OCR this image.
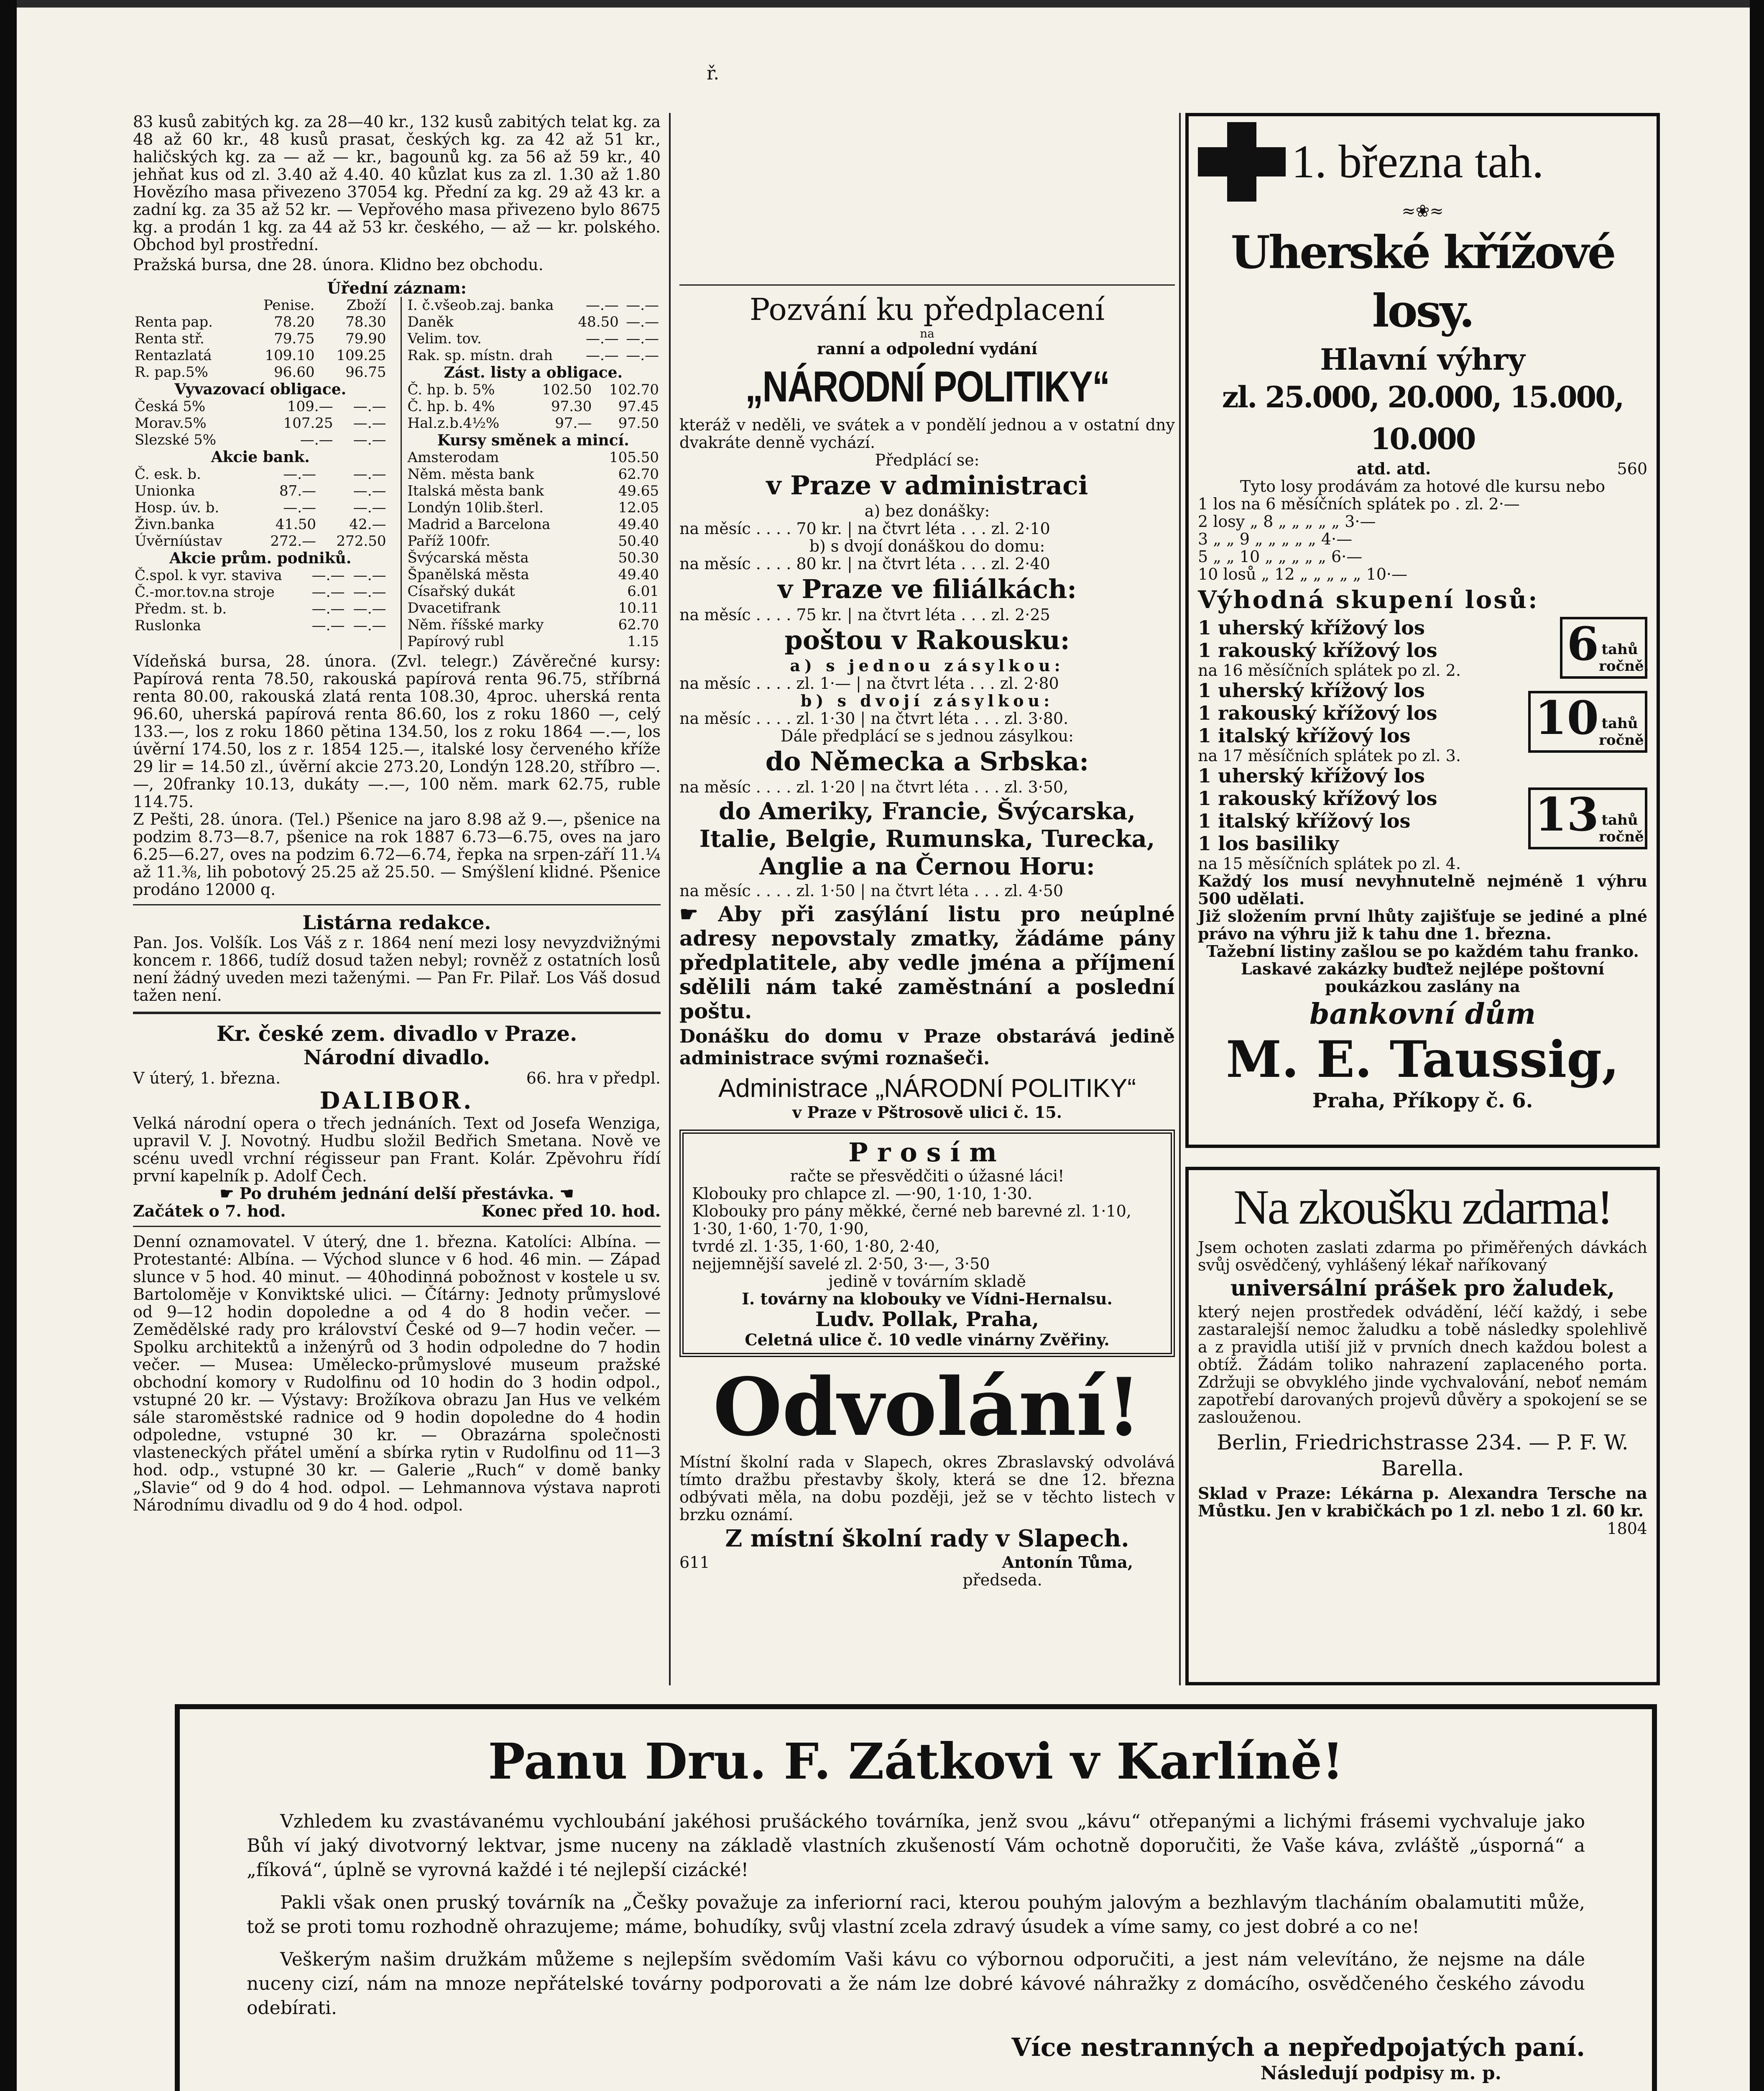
ř.

83 kusů zabitých kg. za 28—40 kr., 132 kusů zabitých telat kg. za 48 až 60 kr., 48 kusů prasat, českých kg. za 42 až 51 kr., haličských kg. za — až — kr., bagounů kg. za 56 až 59 kr., 40 jehňat kus od zl. 3.40 až 4.40. 40 kůzlat kus za zl. 1.30 až 1.80 Hovězího masa přivezeno 37054 kg. Přední za kg. 29 až 43 kr. a zadní kg. za 35 až 52 kr. — Vepřového masa přivezeno bylo 8675 kg. a prodán 1 kg. za 44 až 53 kr. českého, — až — kr. polského. Obchod byl prostřední.

Pražská bursa, dne 28. února. Klidno bez obchodu.

Úřední záznam:

	Penise.	Zboží
Renta pap.	78.20	78.30
Renta stř.	79.75	79.90
Rentazlatá	109.10	109.25
R. pap.5%	96.60	96.75
Vyvazovací obligace.
Česká 5%	109.—	—.—
Morav.5%	107.25	—.—
Slezské 5%	—.—	—.—
Akcie bank.
Č. esk. b.	—.—	—.—
Unionka	87.—	—.—
Hosp. úv. b.	—.—	—.—
Živn.banka	41.50	42.—
Úvěrníústav	272.—	272.50
Akcie prům. podniků.
Č.spol. k vyr. staviva	—.—	—.—
Č.-mor.tov.na stroje	—.—	—.—
Předm. st. b.	—.—	—.—
Ruslonka	—.—	—.—
I. č.všeob.zaj. banka	—.—	—.—
Daněk	48.50	—.—
Velim. tov.	—.—	—.—
Rak. sp. místn. drah	—.—	—.—
Zást. listy a obligace.
Č. hp. b. 5%	102.50	102.70
Č. hp. b. 4%	97.30	97.45
Hal.z.b.4½%	97.—	97.50
Kursy směnek a mincí.
Amsterodam	105.50
Něm. města bank	62.70
Italská města bank	49.65
Londýn 10lib.šterl.	12.05
Madrid a Barcelona	49.40
Paříž 100fr.	50.40
Švýcarská města	50.30
Španělská města	49.40
Císařský dukát	6.01
Dvacetifrank	10.11
Něm. říšské marky	62.70
Papírový rubl	1.15

Vídeňská bursa, 28. února. (Zvl. telegr.) Závěrečné kursy: Papírová renta 78.50, rakouská papírová renta 96.75, stříbrná renta 80.00, rakouská zlatá renta 108.30, 4proc. uherská renta 96.60, uherská papírová renta 86.60, los z roku 1860 —, celý 133.—, los z roku 1860 pětina 134.50, los z roku 1864 —.—, los úvěrní 174.50, los z r. 1854 125.—, italské losy červeného kříže 29 lir = 14.50 zl., úvěrní akcie 273.20, Londýn 128.20, stříbro —.—, 20franky 10.13, dukáty —.—, 100 něm. mark 62.75, ruble 114.75.

Z Pešti, 28. února. (Tel.) Pšenice na jaro 8.98 až 9.—, pšenice na podzim 8.73—8.7, pšenice na rok 1887 6.73—6.75, oves na jaro 6.25—6.27, oves na podzim 6.72—6.74, řepka na srpen-září 11.¼ až 11.⅜, lih pobotový 25.25 až 25.50. — Smýšlení klidné. Pšenice prodáno 12000 q.

Listárna redakce.

Pan. Jos. Volšík. Los Váš z r. 1864 není mezi losy nevyzdvižnými koncem r. 1866, tudíž dosud tažen nebyl; rovněž z ostatních losů není žádný uveden mezi taženými. — Pan Fr. Pilař. Los Váš dosud tažen není.

Kr. české zem. divadlo v Praze.

Národní divadlo.

V úterý, 1. března.	66. hra v předpl.

DALIBOR.

Velká národní opera o třech jednáních. Text od Josefa Wenziga, upravil V. J. Novotný. Hudbu složil Bedřich Smetana. Nově ve scénu uvedl vrchní régisseur pan Frant. Kolár. Zpěvohru řídí první kapelník p. Adolf Čech.

☛ Po druhém jednání delší přestávka. ☚

Začátek o 7. hod.	Konec před 10. hod.

Denní oznamovatel. V úterý, dne 1. března. Katolíci: Albína. — Protestanté: Albína. — Východ slunce v 6 hod. 46 min. — Západ slunce v 5 hod. 40 minut. — 40hodinná pobožnost v kostele u sv. Bartoloměje v Konviktské ulici. — Čítárny: Jednoty průmyslové od 9—12 hodin dopoledne a od 4 do 8 hodin večer. — Zemědělské rady pro království České od 9—7 hodin večer. — Spolku architektů a inženýrů od 3 hodin odpoledne do 7 hodin večer. — Musea: Umělecko-průmyslové museum pražské obchodní komory v Rudolfinu od 10 hodin do 3 hodin odpol., vstupné 20 kr. — Výstavy: Brožíkova obrazu Jan Hus ve velkém sále staroměstské radnice od 9 hodin dopoledne do 4 hodin odpoledne, vstupné 30 kr. — Obrazárna společnosti vlasteneckých přátel umění a sbírka rytin v Rudolfinu od 11—3 hod. odp., vstupné 30 kr. — Galerie „Ruch“ v domě banky „Slavie“ od 9 do 4 hod. odpol. — Lehmannova výstava naproti Národnímu divadlu od 9 do 4 hod. odpol.

Pozvání ku předplacení

na

ranní a odpolední vydání

„NÁRODNÍ POLITIKY“

kteráž v neděli, ve svátek a v pondělí jednou a v ostatní dny dvakráte denně vychází.

Předplácí se:

v Praze v administraci

a) bez donášky:

na měsíc . . . . 70 kr. | na čtvrt léta . . . zl. 2·10

b) s dvojí donáškou do domu:

na měsíc . . . . 80 kr. | na čtvrt léta . . . zl. 2·40

v Praze ve filiálkách:

na měsíc . . . . 75 kr. | na čtvrt léta . . . zl. 2·25

poštou v Rakousku:

a) s jednou zásylkou:

na měsíc . . . . zl. 1·— | na čtvrt léta . . . zl. 2·80

b) s dvojí zásylkou:

na měsíc . . . . zl. 1·30 | na čtvrt léta . . . zl. 3·80.

Dále předplácí se s jednou zásylkou:

do Německa a Srbska:

na měsíc . . . . zl. 1·20 | na čtvrt léta . . . zl. 3·50,

do Ameriky, Francie, Švýcarska, Italie, Belgie, Rumunska, Turecka, Anglie a na Černou Horu:

na měsíc . . . . zl. 1·50 | na čtvrt léta . . . zl. 4·50

☛ Aby při zasýlání listu pro neúplné adresy nepovstaly zmatky, žádáme pány předplatitele, aby vedle jména a příjmení sdělili nám také zaměstnání a poslední poštu.

Donášku do domu v Praze obstarává jedině administrace svými roznašeči.

Administrace „NÁRODNÍ POLITIKY“

v Praze v Pštrosově ulici č. 15.

Prosím

račte se přesvědčiti o úžasné láci!

Klobouky pro chlapce zl. —·90, 1·10, 1·30.

Klobouky pro pány měkké, černé neb barevné zl. 1·10, 1·30, 1·60, 1·70, 1·90,

tvrdé zl. 1·35, 1·60, 1·80, 2·40,

nejjemnější savelé zl. 2·50, 3·—, 3·50

jedině v továrním skladě

I. továrny na klobouky ve Vídni-Hernalsu.

Ludv. Pollak, Praha,

Celetná ulice č. 10 vedle vinárny Zvěřiny.

Odvolání!

Místní školní rada v Slapech, okres Zbraslavský odvolává tímto dražbu přestavby školy, která se dne 12. března odbývati měla, na dobu později, jež se v těchto listech v brzku oznámí.

Z místní školní rady v Slapech.

611	Antonín Tůma,

předseda.

1. března tah.
≈❀≈

Uherské křížové losy.

Hlavní výhry

zl. 25.000, 20.000, 15.000, 10.000

atd. atd.	560

Tyto losy prodávám za hotové dle kursu nebo

1 los na 6 měsíčních splátek po . zl. 2·—

2 losy „ 8 „ „ „ „ „ 3·—

3 „ „ 9 „ „ „ „ „ 4·—

5 „ „ 10 „ „ „ „ „ 6·—

10 losů „ 12 „ „ „ „ „ 10·—

Výhodná skupení losů:

1 uherský křížový los

1 rakouský křížový los

na 16 měsíčních splátek po zl. 2.	6 tahů ročně.

1 uherský křížový los

1 rakouský křížový los

1 italský křížový los

na 17 měsíčních splátek po zl. 3.

10 tahů ročně

1 uherský křížový los

1 rakouský křížový los

1 italský křížový los

1 los basiliky

na 15 měsíčních splátek po zl. 4.

13 tahů ročně

Každý los musí nevyhnutelně nejméně 1 výhru 500 udělati.

Již složením první lhůty zajišťuje se jediné a plné právo na výhru již k tahu dne 1. března.

Tažební listiny zašlou se po každém tahu franko.

Laskavé zakázky buďtež nejlépe poštovní poukázkou zaslány na

bankovní dům

M. E. Taussig,

Praha, Příkopy č. 6.

Na zkoušku zdarma!

Jsem ochoten zaslati zdarma po přiměřených dávkách svůj osvědčený, vyhlášený lékař naříkovaný

universální prášek pro žaludek,

který nejen prostředek odvádění, léčí každý, i sebe zastaralejší nemoc žaludku a tobě následky spolehlivě a z pravidla utiší již v prvních dnech každou bolest a obtíž. Žádám toliko nahrazení zaplaceného porta. Zdržuji se obvyklého jinde vychvalování, neboť nemám zapotřebí darovaných projevů důvěry a spokojení se se zaslouženou.

Berlin, Friedrichstrasse 234. — P. F. W. Barella.

Sklad v Praze: Lékárna p. Alexandra Tersche na Můstku. Jen v krabičkách po 1 zl. nebo 1 zl. 60 kr.

1804

Panu Dru. F. Zátkovi v Karlíně!

Vzhledem ku zvastávanému vychloubání jakéhosi prušáckého továrníka, jenž svou „kávu“ otřepanými a lichými frásemi vychvaluje jako Bůh ví jaký divotvorný lektvar, jsme nuceny na základě vlastních zkušeností Vám ochotně doporučiti, že Vaše káva, zvláště „úsporná“ a „fíková“, úplně se vyrovná každé i té nejlepší cizácké!

Pakli však onen pruský továrník na „Češky považuje za inferiorní raci, kterou pouhým jalovým a bezhlavým tlacháním obalamutiti může, tož se proti tomu rozhodně ohrazujeme; máme, bohudíky, svůj vlastní zcela zdravý úsudek a víme samy, co jest dobré a co ne!

Veškerým našim družkám můžeme s nejlepším svědomím Vaši kávu co výbornou odporučiti, a jest nám velevítáno, že nejsme na dále nuceny cizí, nám na mnoze nepřátelské továrny podporovati a že nám lze dobré kávové náhražky z domácího, osvědčeného českého závodu odebírati.

Více nestranných a nepředpojatých paní.

Následují podpisy m. p.
